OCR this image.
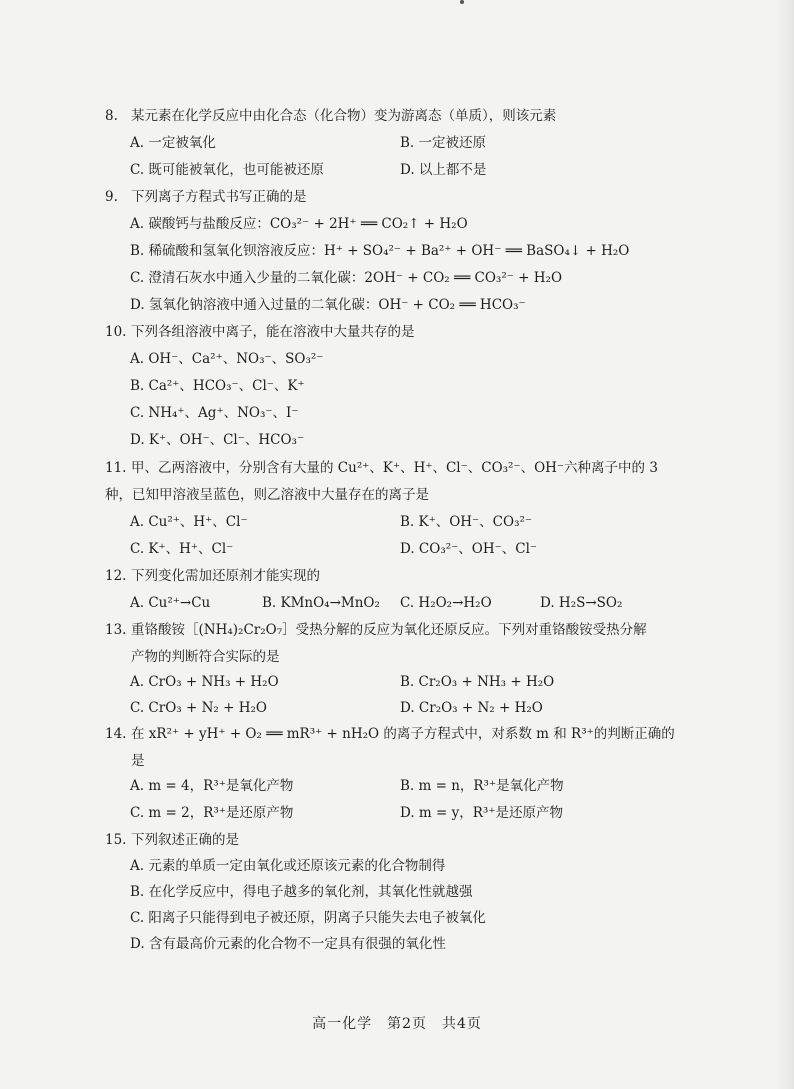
8. 某元素在化学反应中由化合态（化合物）变为游离态（单质），则该元素
A. 一定被氧化	B. 一定被还原
C. 既可能被氧化，也可能被还原	D. 以上都不是
9. 下列离子方程式书写正确的是
A. 碳酸钙与盐酸反应：CO₃²⁻ + 2H⁺ ══ CO₂↑ + H₂O
B. 稀硫酸和氢氧化钡溶液反应：H⁺ + SO₄²⁻ + Ba²⁺ + OH⁻ ══ BaSO₄↓ + H₂O
C. 澄清石灰水中通入少量的二氧化碳：2OH⁻ + CO₂ ══ CO₃²⁻ + H₂O
D. 氢氧化钠溶液中通入过量的二氧化碳：OH⁻ + CO₂ ══ HCO₃⁻
10. 下列各组溶液中离子，能在溶液中大量共存的是
A. OH⁻、Ca²⁺、NO₃⁻、SO₃²⁻
B. Ca²⁺、HCO₃⁻、Cl⁻、K⁺
C. NH₄⁺、Ag⁺、NO₃⁻、I⁻
D. K⁺、OH⁻、Cl⁻、HCO₃⁻
11. 甲、乙两溶液中，分别含有大量的 Cu²⁺、K⁺、H⁺、Cl⁻、CO₃²⁻、OH⁻六种离子中的 3
种，已知甲溶液呈蓝色，则乙溶液中大量存在的离子是
A. Cu²⁺、H⁺、Cl⁻	B. K⁺、OH⁻、CO₃²⁻
C. K⁺、H⁺、Cl⁻	D. CO₃²⁻、OH⁻、Cl⁻
12. 下列变化需加还原剂才能实现的
A. Cu²⁺→Cu	B. KMnO₄→MnO₂ C. H₂O₂→H₂O	D. H₂S→SO₂
13. 重铬酸铵［(NH₄)₂Cr₂O₇］受热分解的反应为氧化还原反应。下列对重铬酸铵受热分解
产物的判断符合实际的是
A. CrO₃ + NH₃ + H₂O	B. Cr₂O₃ + NH₃ + H₂O
C. CrO₃ + N₂ + H₂O	D. Cr₂O₃ + N₂ + H₂O
14. 在 xR²⁺ + yH⁺ + O₂ ══ mR³⁺ + nH₂O 的离子方程式中，对系数 m 和 R³⁺的判断正确的
是
A. m = 4，R³⁺是氧化产物	B. m = n，R³⁺是氧化产物
C. m = 2，R³⁺是还原产物	D. m = y，R³⁺是还原产物
15. 下列叙述正确的是
A. 元素的单质一定由氧化或还原该元素的化合物制得
B. 在化学反应中，得电子越多的氧化剂，其氧化性就越强
C. 阳离子只能得到电子被还原，阴离子只能失去电子被氧化
D. 含有最高价元素的化合物不一定具有很强的氧化性
高一化学　第2页　共4页
